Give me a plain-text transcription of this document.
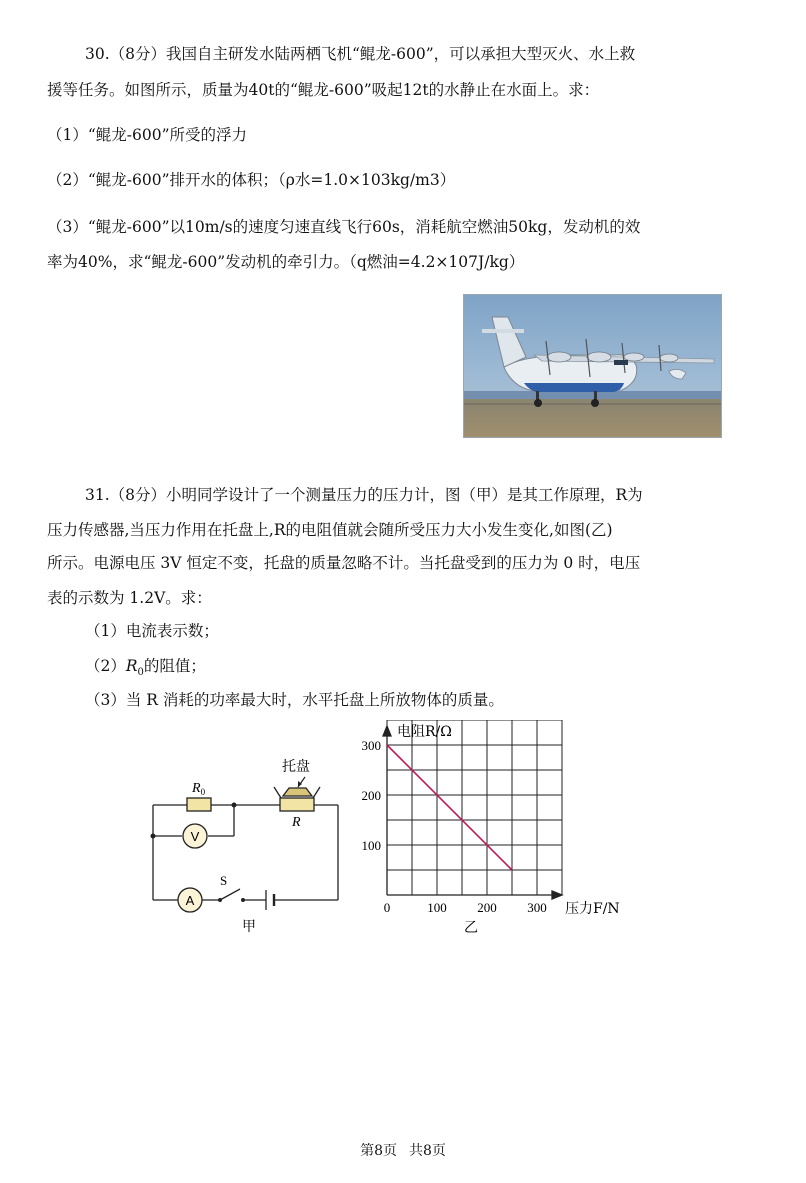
30.（8分）我国自主研发水陆两栖飞机“鲲龙-600”，可以承担大型灭火、水上救
援等任务。如图所示，质量为40t的“鲲龙-600”吸起12t的水静止在水面上。求：
（1）“鲲龙-600”所受的浮力
（2）“鲲龙-600”排开水的体积；（ρ水=1.0×103kg/m3）
（3）“鲲龙-600”以10m/s的速度匀速直线飞行60s，消耗航空燃油50kg，发动机的效
率为40%，求“鲲龙-600”发动机的牵引力。（q燃油=4.2×107J/kg）
31.（8分）小明同学设计了一个测量压力的压力计，图（甲）是其工作原理，R为
压力传感器,当压力作用在托盘上,R的电阻值就会随所受压力大小发生变化,如图(乙)
所示。电源电压 3V 恒定不变，托盘的质量忽略不计。当托盘受到的压力为 0 时，电压
表的示数为 1.2V。求：
（1）电流表示数；
$(2)R_0$的阻值；
（3）当 R 消耗的功率最大时，水平托盘上所放物体的质量。
V
A
$R_0$
托盘
R
S
甲
0	100 200 300
100
200
300
电阻R/Ω
压力F/N
乙
第8页 共8页
